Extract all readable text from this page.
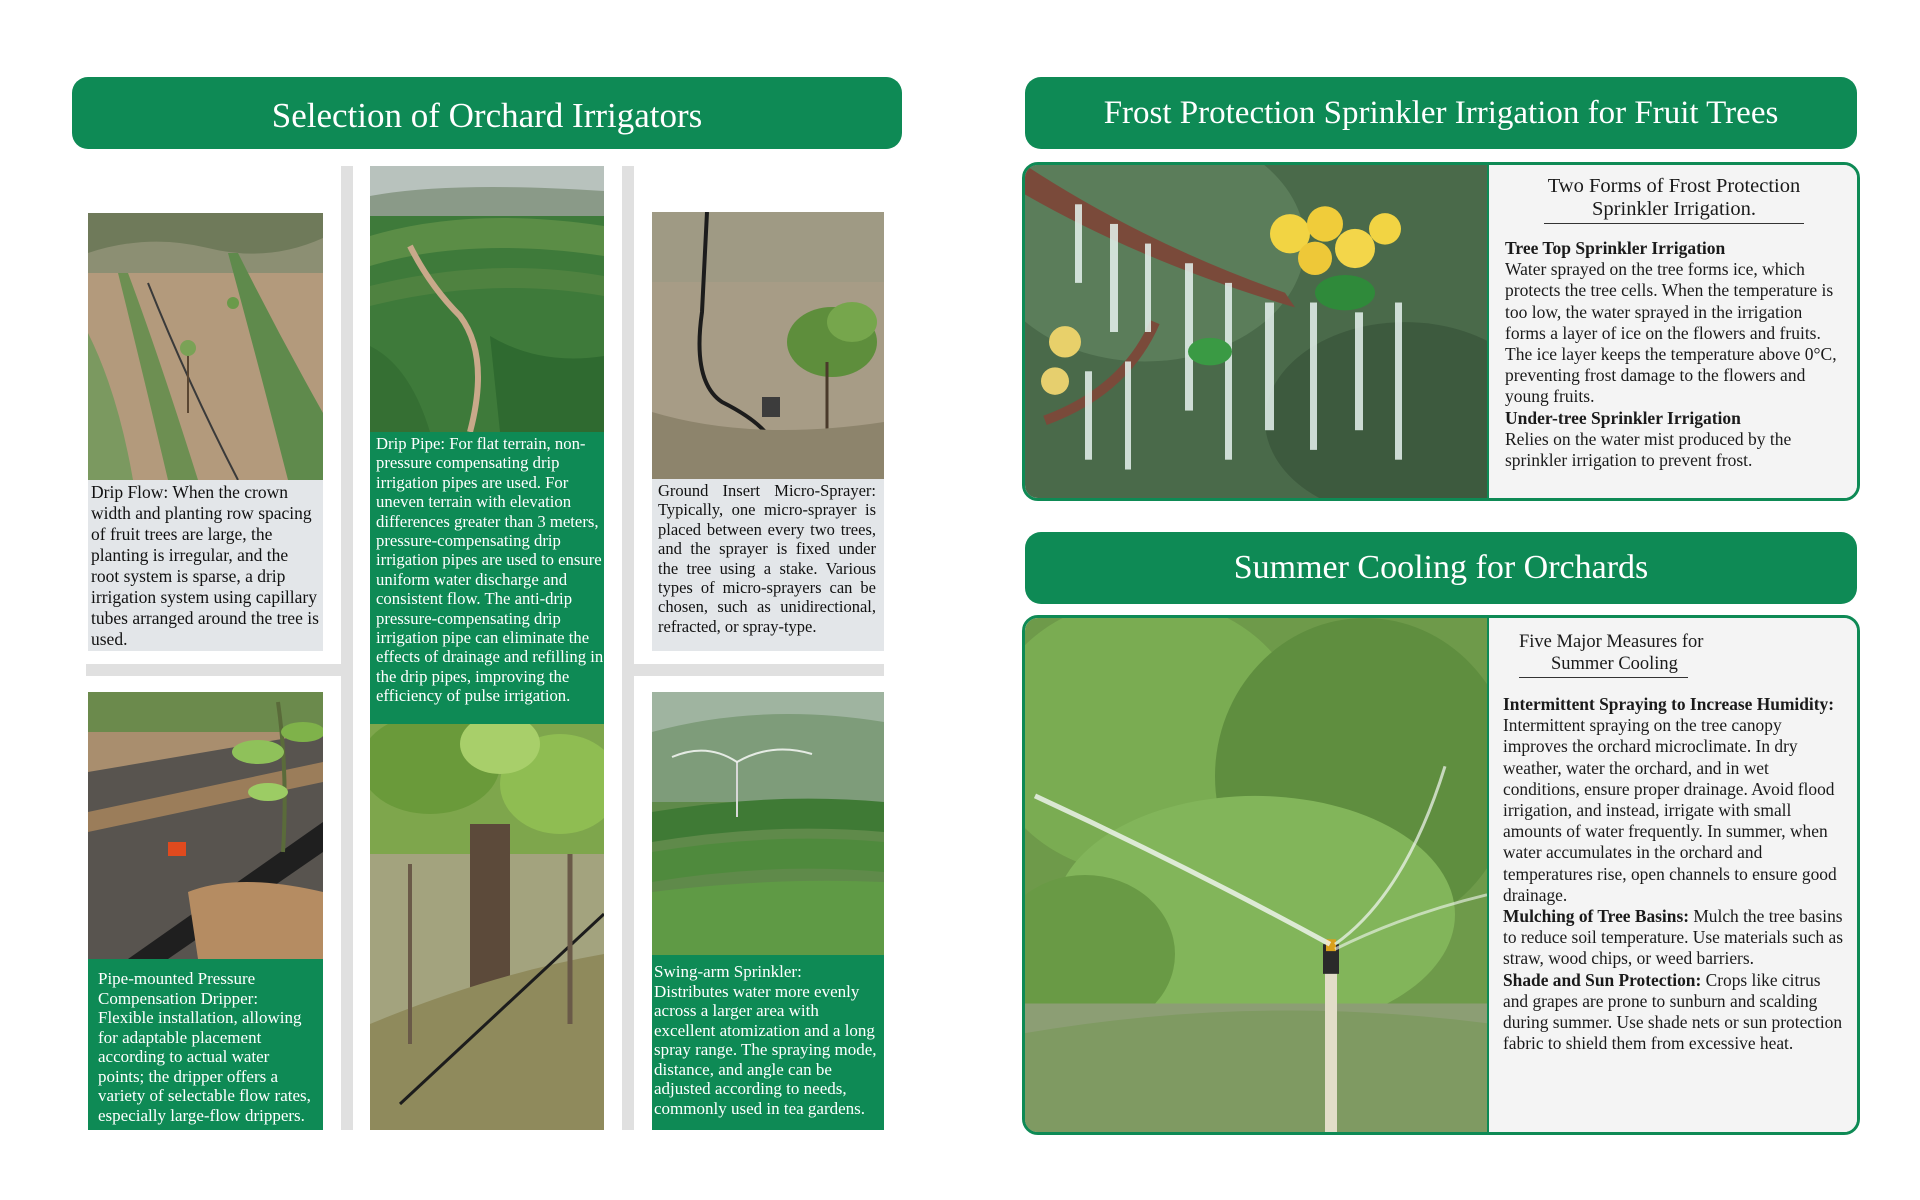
Selection of Orchard Irrigators
Drip Flow: When the crown width and planting row spacing of fruit trees are large, the planting is irregular, and the root system is sparse, a drip irrigation system using capillary tubes arranged around the tree is used.
Pipe-mounted Pressure Compensation Dripper: Flexible installation, allowing for adaptable placement according to actual water points; the dripper offers a variety of selectable flow rates, especially large-flow drippers.
Drip Pipe: For flat terrain, non-pressure compensating drip irrigation pipes are used. For uneven terrain with elevation differences greater than 3 meters, pressure-compensating drip irrigation pipes are used to ensure uniform water discharge and consistent flow. The anti-drip pressure-compensating drip irrigation pipe can eliminate the effects of drainage and refilling in the drip pipes, improving the efficiency of pulse irrigation.
Ground Insert Micro-Sprayer: Typically, one micro-sprayer is placed between every two trees, and the sprayer is fixed under the tree using a stake. Various types of micro-sprayers can be chosen, such as unidirectional, refracted, or spray-type.
Swing-arm Sprinkler: Distributes water more evenly across a larger area with excellent atomization and a long spray range. The spraying mode, distance, and angle can be adjusted according to needs, commonly used in tea gardens.
Frost Protection Sprinkler Irrigation for Fruit Trees
Two Forms of Frost Protection
Sprinkler Irrigation.
Tree Top Sprinkler Irrigation
Water sprayed on the tree forms ice, which protects the tree cells. When the temperature is too low, the water sprayed in the irrigation forms a layer of ice on the flowers and fruits. The ice layer keeps the temperature above 0°C, preventing frost damage to the flowers and young fruits.
Under-tree Sprinkler Irrigation
Relies on the water mist produced by the sprinkler irrigation to prevent frost.
Summer Cooling for Orchards
Five Major Measures for
Summer Cooling
Intermittent Spraying to Increase Humidity:
Intermittent spraying on the tree canopy improves the orchard microclimate. In dry weather, water the orchard, and in wet conditions, ensure proper drainage. Avoid flood irrigation, and instead, irrigate with small amounts of water frequently. In summer, when water accumulates in the orchard and temperatures rise, open channels to ensure good drainage.
Mulching of Tree Basins: Mulch the tree basins to reduce soil temperature. Use materials such as straw, wood chips, or weed barriers.
Shade and Sun Protection: Crops like citrus and grapes are prone to sunburn and scalding during summer. Use shade nets or sun protection fabric to shield them from excessive heat.
